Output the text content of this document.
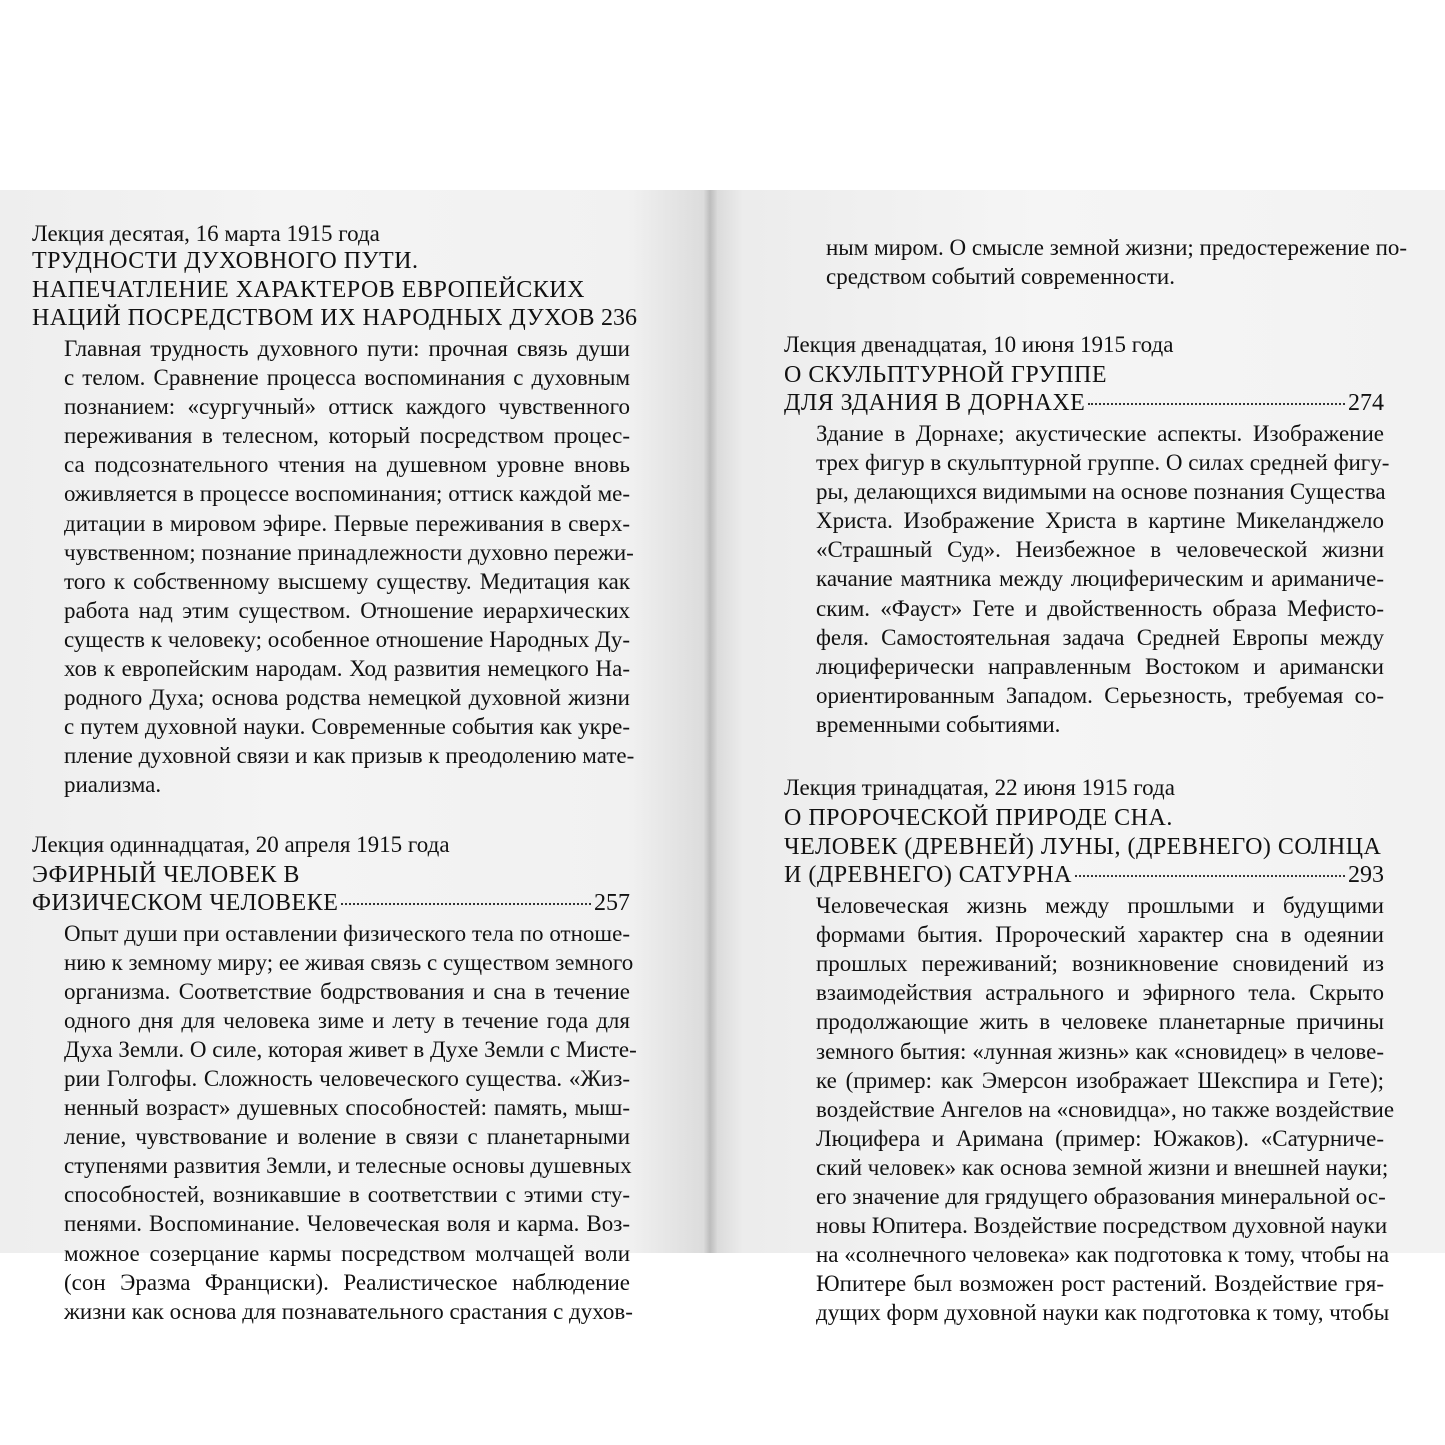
Лекция десятая, 16 марта 1915 года

ТРУДНОСТИ ДУХОВНОГО ПУТИ.

НАПЕЧАТЛЕНИЕ ХАРАКТЕРОВ ЕВРОПЕЙСКИХ

НАЦИЙ ПОСРЕДСТВОМ ИХ НАРОДНЫХ ДУХОВ 236

Главная трудность духовного пути: прочная связь души
с телом. Сравнение процесса воспоминания с духовным
познанием: «сургучный» оттиск каждого чувственного
переживания в телесном, который посредством процес-
са подсознательного чтения на душевном уровне вновь
оживляется в процессе воспоминания; оттиск каждой ме-
дитации в мировом эфире. Первые переживания в сверх-
чувственном; познание принадлежности духовно пережи-
того к собственному высшему существу. Медитация как
работа над этим существом. Отношение иерархических
существ к человеку; особенное отношение Народных Ду-
хов к европейским народам. Ход развития немецкого На-
родного Духа; основа родства немецкой духовной жизни
с путем духовной науки. Современные события как укре-
пление духовной связи и как призыв к преодолению мате-
риализма.

Лекция одиннадцатая, 20 апреля 1915 года

ЭФИРНЫЙ ЧЕЛОВЕК В

ФИЗИЧЕСКОМ ЧЕЛОВЕКЕ	257

Опыт души при оставлении физического тела по отноше-
нию к земному миру; ее живая связь с существом земного
организма. Соответствие бодрствования и сна в течение
одного дня для человека зиме и лету в течение года для
Духа Земли. О силе, которая живет в Духе Земли с Мисте-
рии Голгофы. Сложность человеческого существа. «Жиз-
ненный возраст» душевных способностей: память, мыш-
ление, чувствование и воление в связи с планетарными
ступенями развития Земли, и телесные основы душевных
способностей, возникавшие в соответствии с этими сту-
пенями. Воспоминание. Человеческая воля и карма. Воз-
можное созерцание кармы посредством молчащей воли
(сон Эразма Франциски). Реалистическое наблюдение
жизни как основа для познавательного срастания с духов-

ным миром. О смысле земной жизни; предостережение по-
средством событий современности.

Лекция двенадцатая, 10 июня 1915 года

О СКУЛЬПТУРНОЙ ГРУППЕ

ДЛЯ ЗДАНИЯ В ДОРНАХЕ	274

Здание в Дорнахе; акустические аспекты. Изображение
трех фигур в скульптурной группе. О силах средней фигу-
ры, делающихся видимыми на основе познания Существа
Христа. Изображение Христа в картине Микеланджело
«Страшный Суд». Неизбежное в человеческой жизни
качание маятника между люциферическим и ариманиче-
ским. «Фауст» Гете и двойственность образа Мефисто-
феля. Самостоятельная задача Средней Европы между
люциферически направленным Востоком и аримански
ориентированным Западом. Серьезность, требуемая со-
временными событиями.

Лекция тринадцатая, 22 июня 1915 года

О ПРОРОЧЕСКОЙ ПРИРОДЕ СНА.

ЧЕЛОВЕК (ДРЕВНЕЙ) ЛУНЫ, (ДРЕВНЕГО) СОЛНЦА

И (ДРЕВНЕГО) САТУРНА	293

Человеческая жизнь между прошлыми и будущими
формами бытия. Пророческий характер сна в одеянии
прошлых переживаний; возникновение сновидений из
взаимодействия астрального и эфирного тела. Скрыто
продолжающие жить в человеке планетарные причины
земного бытия: «лунная жизнь» как «сновидец» в челове-
ке (пример: как Эмерсон изображает Шекспира и Гете);
воздействие Ангелов на «сновидца», но также воздействие
Люцифера и Аримана (пример: Южаков). «Сатурниче-
ский человек» как основа земной жизни и внешней науки;
его значение для грядущего образования минеральной ос-
новы Юпитера. Воздействие посредством духовной науки
на «солнечного человека» как подготовка к тому, чтобы на
Юпитере был возможен рост растений. Воздействие гря-
дущих форм духовной науки как подготовка к тому, чтобы
